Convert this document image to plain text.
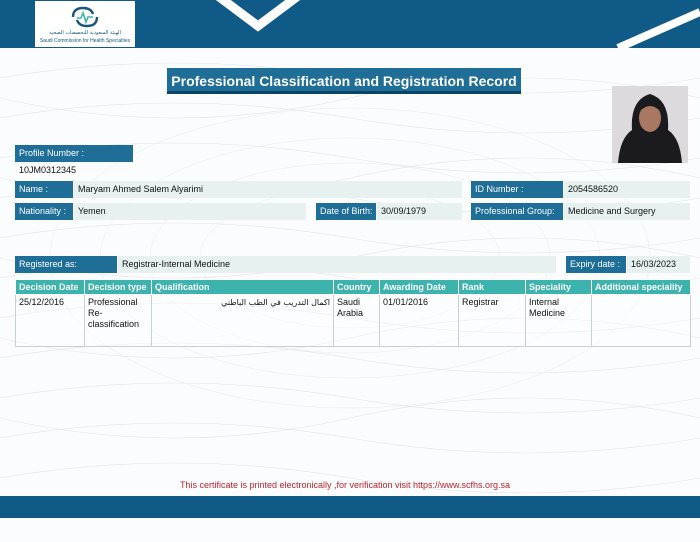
الهيئة السعودية للتخصصات الصحية
Saudi Commission for Health Specialties
Professional Classification and Registration Record
Profile Number :
10JM0312345
Name :	Maryam Ahmed Salem Alyarimi	ID Number :	2054586520
Nationality :	Yemen	Date of Birth: 30/09/1979	Professional Group:	Medicine and Surgery
Registered as:	Registrar-Internal Medicine	Expiry date :	16/03/2023
Decision Date	Decision type	Qualification	Country	Awarding Date	Rank	Speciality	Additional speciality
25/12/2016	Professional Re-classification	اكمال التدريب في الطب الباطني	Saudi Arabia	01/01/2016	Registrar	Internal Medicine	
This certificate is printed electronically ,for verification visit https://www.scfhs.org.sa
